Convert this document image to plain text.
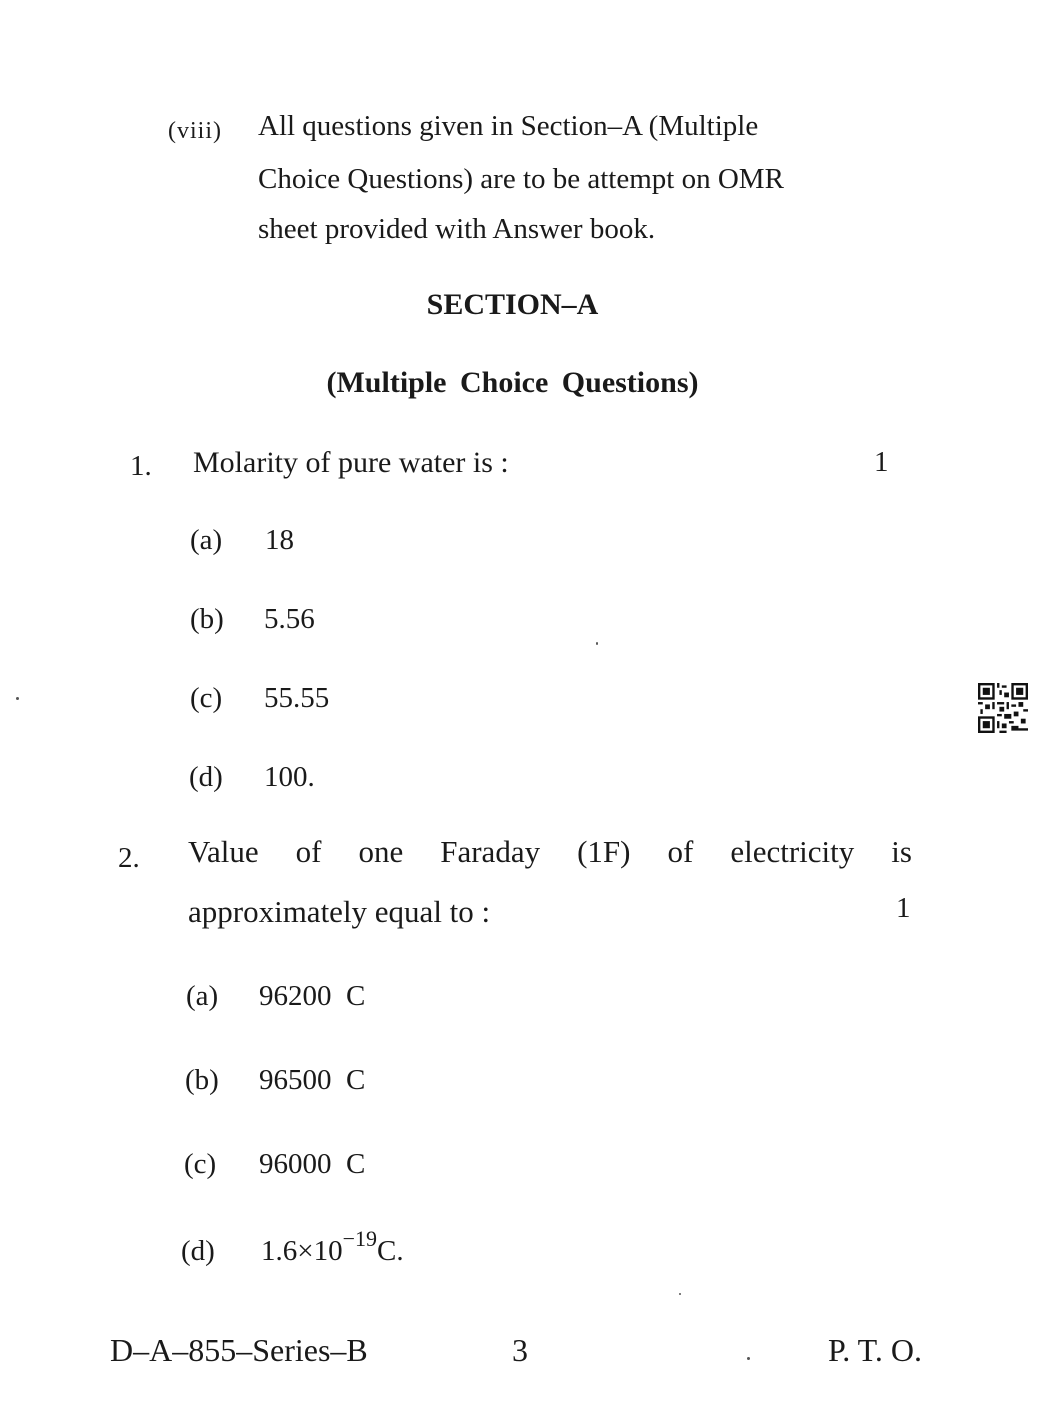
(viii) All questions given in Section–A (Multiple
Choice Questions) are to be attempt on OMR
sheet provided with Answer book.
SECTION–A
(Multiple Choice Questions)
1. Molarity of pure water is :	1
(a) 18
(b) 5.56
(c) 55.55
(d) 100.
2. Value of one Faraday (1F) of electricity is
approximately equal to :	1
(a) 96200  C
(b) 96500  C
(c) 96000  C
(d) $1.6\times 10^{-19}C$.
D–A–855–Series–B	3	P. T. O.
